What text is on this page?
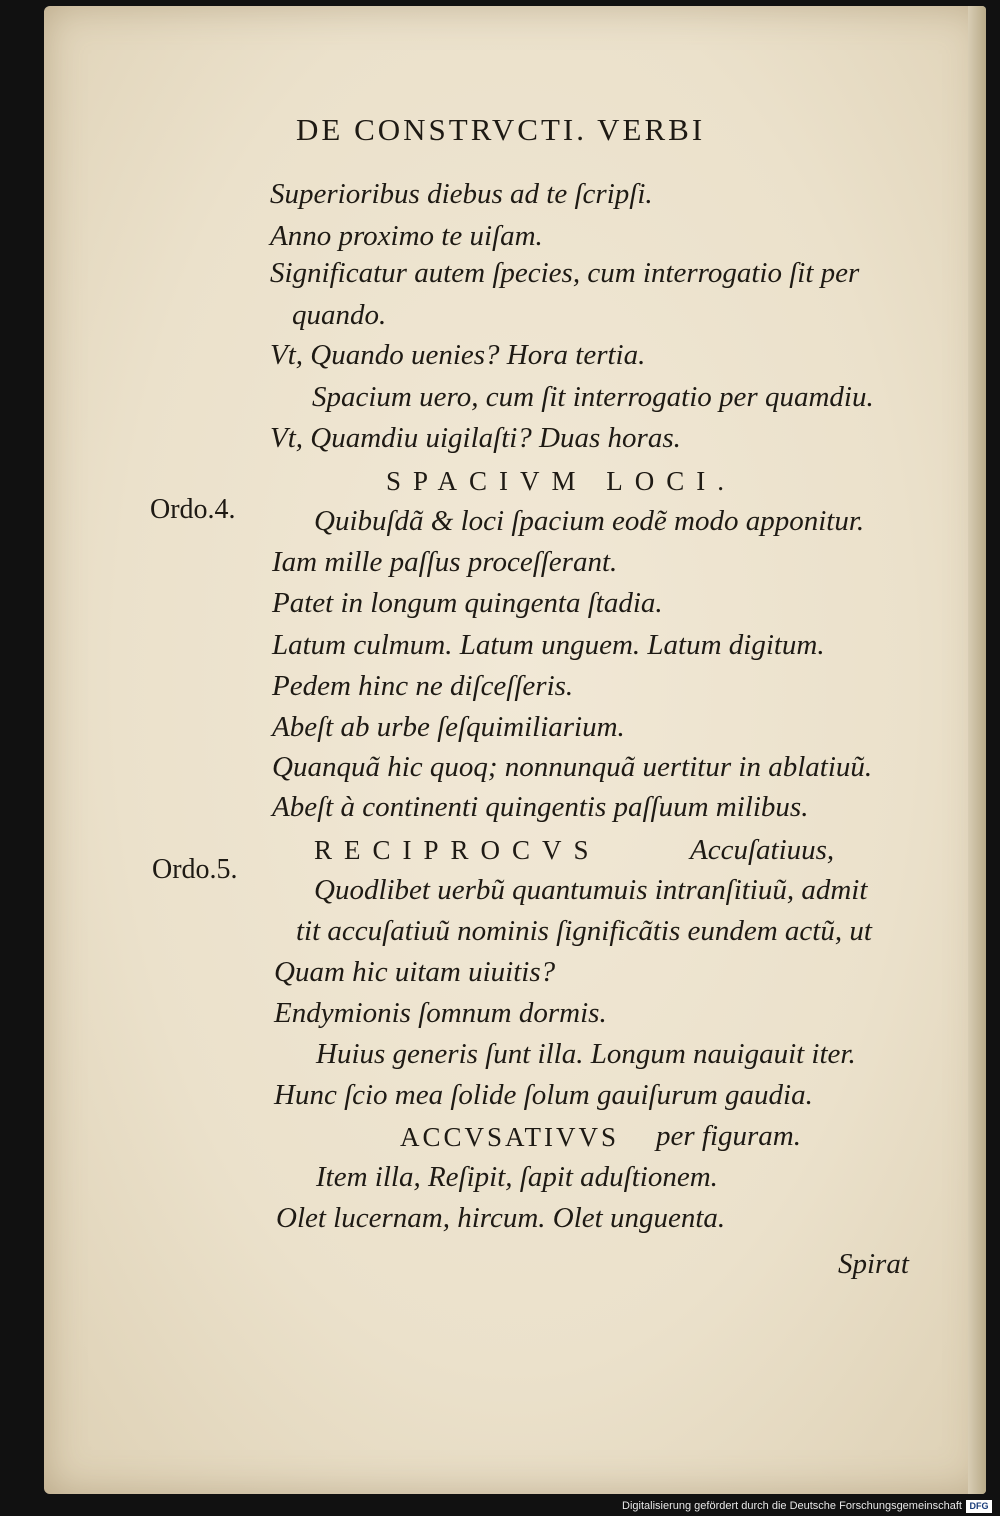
DE CONSTRVCTI. VERBI
Superioribus diebus ad te ſcripſi.
Anno proximo te uiſam.
Significatur autem ſpecies, cum interrogatio ſit per
quando.
Vt, Quando uenies? Hora tertia.
Spacium uero, cum ſit interrogatio per quamdiu.
Vt, Quamdiu uigilaſti? Duas horas.
SPACIVM LOCI.
Ordo.4.	Quibuſdã & loci ſpacium eodẽ modo apponitur.
Iam mille paſſus proceſſerant.
Patet in longum quingenta ſtadia.
Latum culmum. Latum unguem. Latum digitum.
Pedem hinc ne diſceſſeris.
Abeſt ab urbe ſeſquimiliarium.
Quanquã hic quoq; nonnunquã uertitur in ablatiuũ.
Abeſt à continenti quingentis paſſuum milibus.
RECIPROCVS	Accuſatiuus,
Ordo.5.
Quodlibet uerbũ quantumuis intranſitiuũ, admit
tit accuſatiuũ nominis ſignificãtis eundem actũ, ut
Quam hic uitam uiuitis?
Endymionis ſomnum dormis.
Huius generis ſunt illa. Longum nauigauit iter.
Hunc ſcio mea ſolide ſolum gauiſurum gaudia.
ACCVSATIVVS per figuram.
Item illa, Reſipit, ſapit aduſtionem.
Olet lucernam, hircum. Olet unguenta.
Spirat
Digitalisierung gefördert durch die Deutsche Forschungsgemeinschaft DFG
